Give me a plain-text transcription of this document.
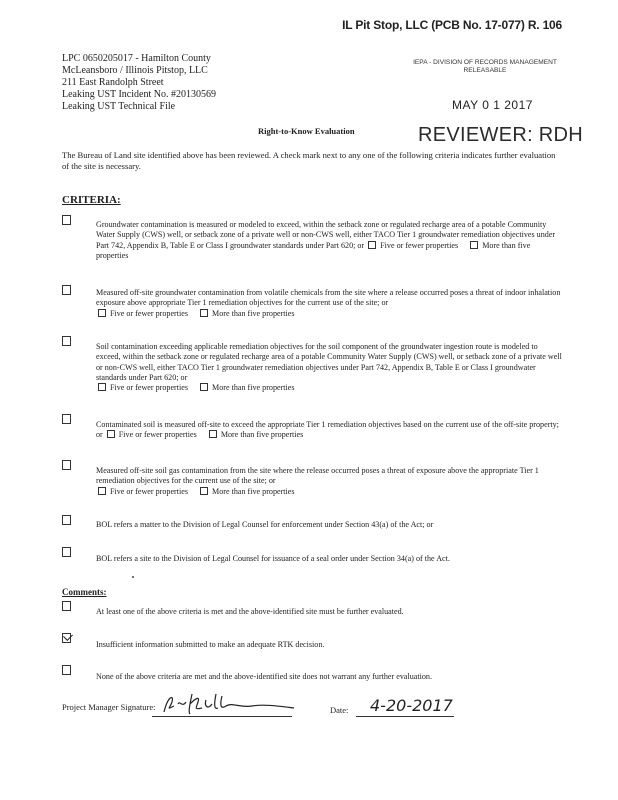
IL Pit Stop, LLC (PCB No. 17-077) R. 106
LPC 0650205017 - Hamilton County
McLeansboro / Illinois Pitstop, LLC
211 East Randolph Street
Leaking UST Incident No. #20130569
Leaking UST Technical File
IEPA - DIVISION OF RECORDS MANAGEMENT
RELEASABLE
MAY 0 1 2017
Right-to-Know Evaluation	REVIEWER: RDH
The Bureau of Land site identified above has been reviewed. A check mark next to any one of the following criteria indicates further evaluation of the site is necessary.
CRITERIA:
Groundwater contamination is measured or modeled to exceed, within the setback zone or regulated recharge area of a potable Community Water Supply (CWS) well, or setback zone of a private well or non-CWS well, either TACO Tier 1 groundwater remediation objectives under Part 742, Appendix B, Table E or Class I groundwater standards under Part 620; or Five or fewer properties	More than five properties
Measured off-site groundwater contamination from volatile chemicals from the site where a release occurred poses a threat of indoor inhalation exposure above appropriate Tier 1 remediation objectives for the current use of the site; or
Five or fewer properties	More than five properties
Soil contamination exceeding applicable remediation objectives for the soil component of the groundwater ingestion route is modeled to exceed, within the setback zone or regulated recharge area of a potable Community Water Supply (CWS) well, or setback zone of a private well or non-CWS well, either TACO Tier 1 groundwater remediation objectives under Part 742, Appendix B, Table E or Class I groundwater standards under Part 620; or
Five or fewer properties	More than five properties
Contaminated soil is measured off-site to exceed the appropriate Tier 1 remediation objectives based on the current use of the off-site property; or Five or fewer properties	More than five properties
Measured off-site soil gas contamination from the site where the release occurred poses a threat of exposure above the appropriate Tier 1 remediation objectives for the current use of the site; or
Five or fewer properties	More than five properties
BOL refers a matter to the Division of Legal Counsel for enforcement under Section 43(a) of the Act; or
BOL refers a site to the Division of Legal Counsel for issuance of a seal order under Section 34(a) of the Act.
Comments:
At least one of the above criteria is met and the above-identified site must be further evaluated.
Insufficient information submitted to make an adequate RTK decision.
None of the above criteria are met and the above-identified site does not warrant any further evaluation.
Project Manager Signature:	Date: 4-20-2017
